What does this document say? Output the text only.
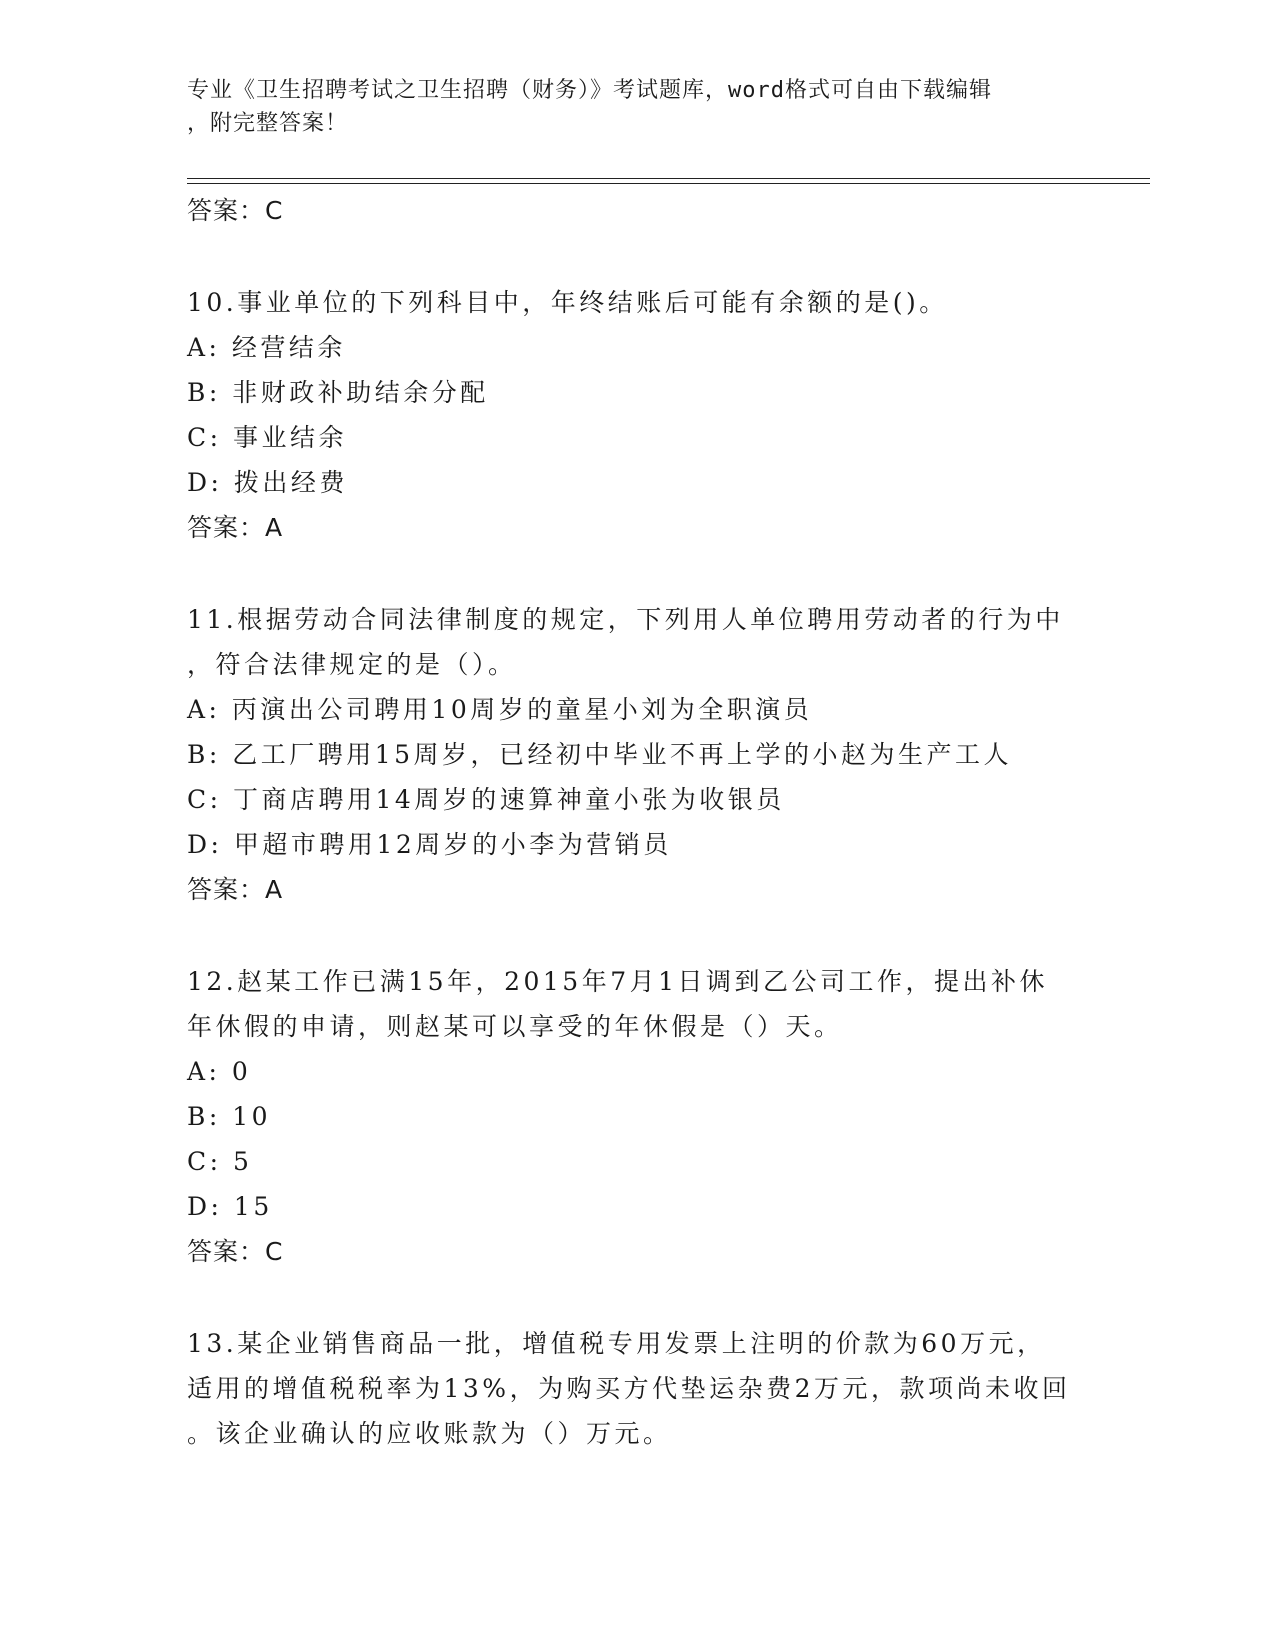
专业《卫生招聘考试之卫生招聘（财务）》考试题库，word格式可自由下载编辑
，附完整答案！
答案：C
10.事业单位的下列科目中，年终结账后可能有余额的是()。
A: 经营结余
B: 非财政补助结余分配
C: 事业结余
D: 拨出经费
答案：A
11.根据劳动合同法律制度的规定，下列用人单位聘用劳动者的行为中
，符合法律规定的是（）。
A: 丙演出公司聘用10周岁的童星小刘为全职演员
B: 乙工厂聘用15周岁，已经初中毕业不再上学的小赵为生产工人
C: 丁商店聘用14周岁的速算神童小张为收银员
D: 甲超市聘用12周岁的小李为营销员
答案：A
12.赵某工作已满15年，2015年7月1日调到乙公司工作，提出补休
年休假的申请，则赵某可以享受的年休假是（）天。
A: 0
B: 10
C: 5
D: 15
答案：C
13.某企业销售商品一批，增值税专用发票上注明的价款为60万元，
适用的增值税税率为13%，为购买方代垫运杂费2万元，款项尚未收回
。该企业确认的应收账款为（）万元。
